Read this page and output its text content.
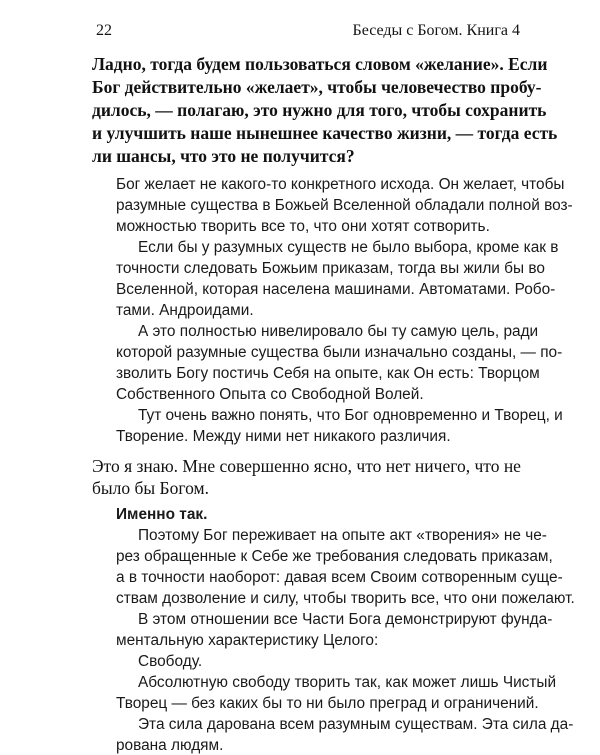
22	Беседы с Богом. Книга 4
Ладно, тогда будем пользоваться словом «желание». Если
Бог действительно «желает», чтобы человечество пробу-
дилось, — полагаю, это нужно для того, чтобы сохранить
и улучшить наше нынешнее качество жизни, — тогда есть
ли шансы, что это не получится?
Бог желает не какого-то конкретного исхода. Он желает, чтобы
разумные существа в Божьей Вселенной обладали полной воз-
можностью творить все то, что они хотят сотворить.
Если бы у разумных существ не было выбора, кроме как в
точности следовать Божьим приказам, тогда вы жили бы во
Вселенной, которая населена машинами. Автоматами. Робо-
тами. Андроидами.
А это полностью нивелировало бы ту самую цель, ради
которой разумные существа были изначально созданы, — по-
зволить Богу постичь Себя на опыте, как Он есть: Творцом
Собственного Опыта со Свободной Волей.
Тут очень важно понять, что Бог одновременно и Творец, и
Творение. Между ними нет никакого различия.
Это я знаю. Мне совершенно ясно, что нет ничего, что не
было бы Богом.
Именно так.
Поэтому Бог переживает на опыте акт «творения» не че-
рез обращенные к Себе же требования следовать приказам,
а в точности наоборот: давая всем Своим сотворенным суще-
ствам дозволение и силу, чтобы творить все, что они пожелают.
В этом отношении все Части Бога демонстрируют фунда-
ментальную характеристику Целого:
Свободу.
Абсолютную свободу творить так, как может лишь Чистый
Творец — без каких бы то ни было преград и ограничений.
Эта сила дарована всем разумным существам. Эта сила да-
рована людям.
